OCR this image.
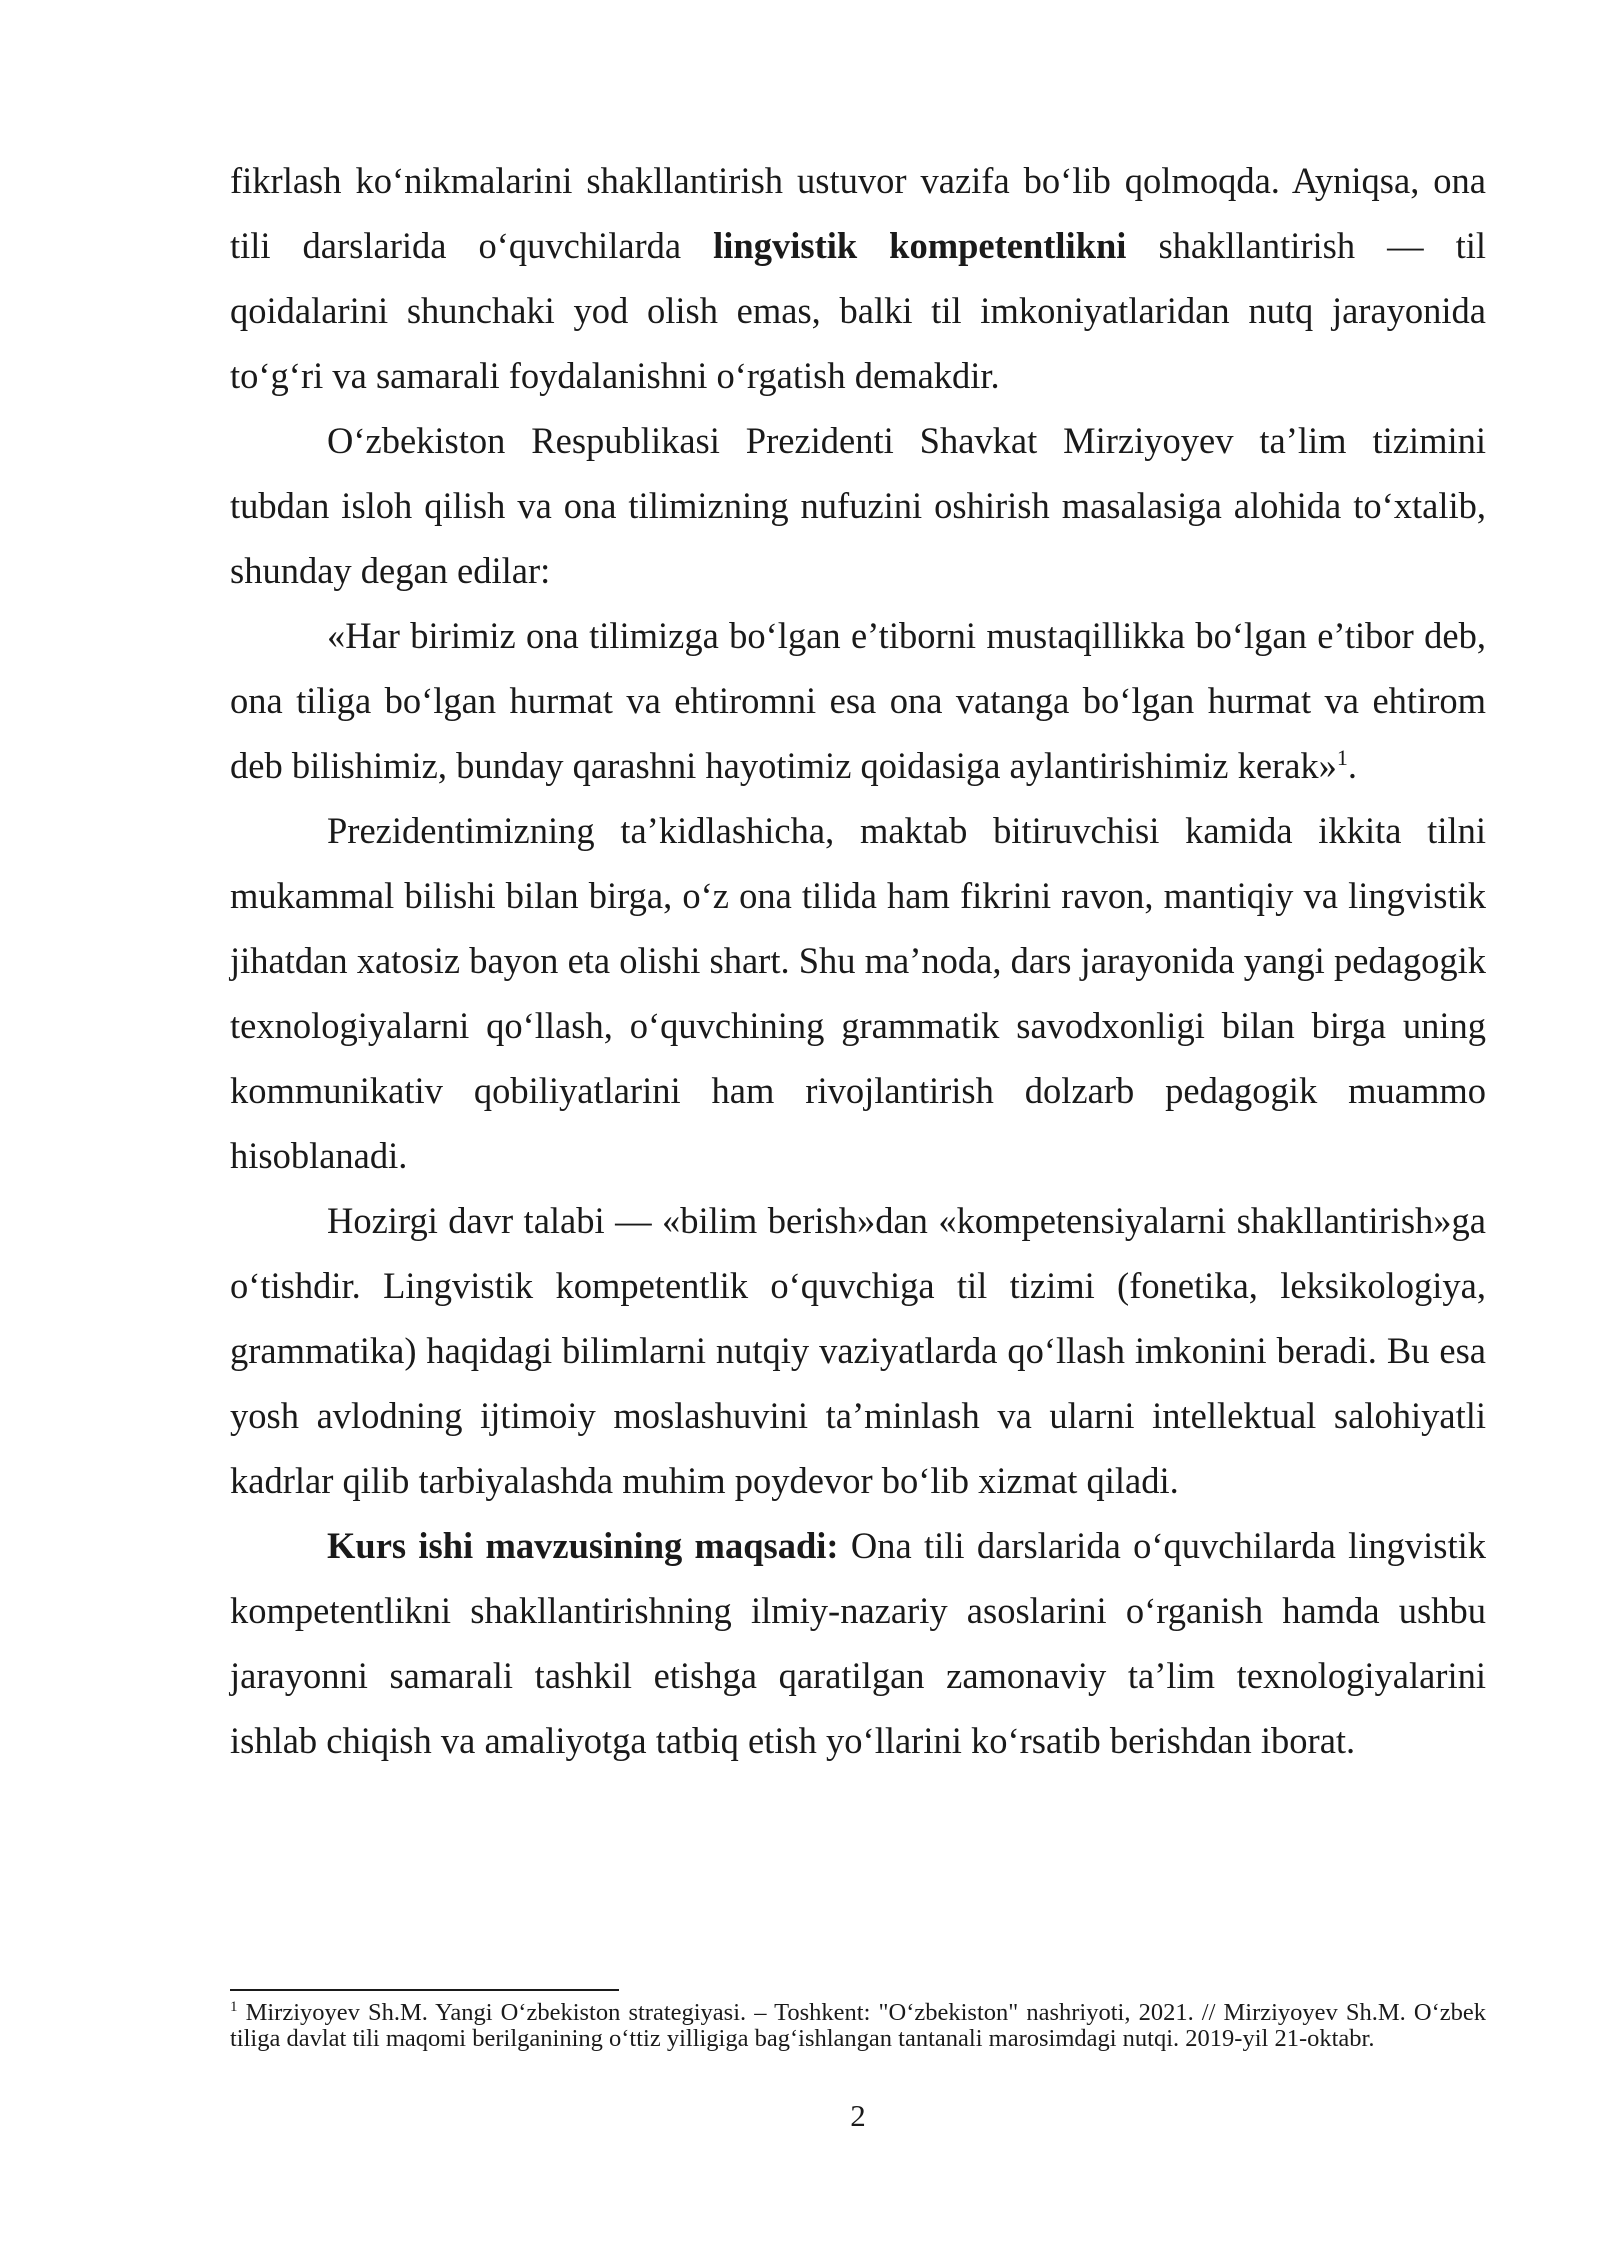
fikrlash ko‘nikmalarini shakllantirish ustuvor vazifa bo‘lib qolmoqda. Ayniqsa, ona tili darslarida o‘quvchilarda lingvistik kompetentlikni shakllantirish — til qoidalarini shunchaki yod olish emas, balki til imkoniyatlaridan nutq jarayonida to‘g‘ri va samarali foydalanishni o‘rgatish demakdir.

O‘zbekiston Respublikasi Prezidenti Shavkat Mirziyoyev ta’lim tizimini tubdan isloh qilish va ona tilimizning nufuzini oshirish masalasiga alohida to‘xtalib, shunday degan edilar:

«Har birimiz ona tilimizga bo‘lgan e’tiborni mustaqillikka bo‘lgan e’tibor deb, ona tiliga bo‘lgan hurmat va ehtiromni esa ona vatanga bo‘lgan hurmat va ehtirom deb bilishimiz, bunday qarashni hayotimiz qoidasiga aylantirishimiz kerak»$^1$.

Prezidentimizning ta’kidlashicha, maktab bitiruvchisi kamida ikkita tilni mukammal bilishi bilan birga, o‘z ona tilida ham fikrini ravon, mantiqiy va lingvistik jihatdan xatosiz bayon eta olishi shart. Shu ma’noda, dars jarayonida yangi pedagogik texnologiyalarni qo‘llash, o‘quvchining grammatik savodxonligi bilan birga uning kommunikativ qobiliyatlarini ham rivojlantirish dolzarb pedagogik muammo hisoblanadi.

Hozirgi davr talabi — «bilim berish»dan «kompetensiyalarni shakllantirish»ga o‘tishdir. Lingvistik kompetentlik o‘quvchiga til tizimi (fonetika, leksikologiya, grammatika) haqidagi bilimlarni nutqiy vaziyatlarda qo‘llash imkonini beradi. Bu esa yosh avlodning ijtimoiy moslashuvini ta’minlash va ularni intellektual salohiyatli kadrlar qilib tarbiyalashda muhim poydevor bo‘lib xizmat qiladi.

Kurs ishi mavzusining maqsadi: Ona tili darslarida o‘quvchilarda lingvistik kompetentlikni shakllantirishning ilmiy-nazariy asoslarini o‘rganish hamda ushbu jarayonni samarali tashkil etishga qaratilgan zamonaviy ta’lim texnologiyalarini ishlab chiqish va amaliyotga tatbiq etish yo‘llarini ko‘rsatib berishdan iborat.

$^1$ Mirziyoyev Sh.M. Yangi O‘zbekiston strategiyasi. – Toshkent: "O‘zbekiston" nashriyoti, 2021. // Mirziyoyev Sh.M. O‘zbek tiliga davlat tili maqomi berilganining o‘ttiz yilligiga bag‘ishlangan tantanali marosimdagi nutqi. 2019-yil 21-oktabr.

2
